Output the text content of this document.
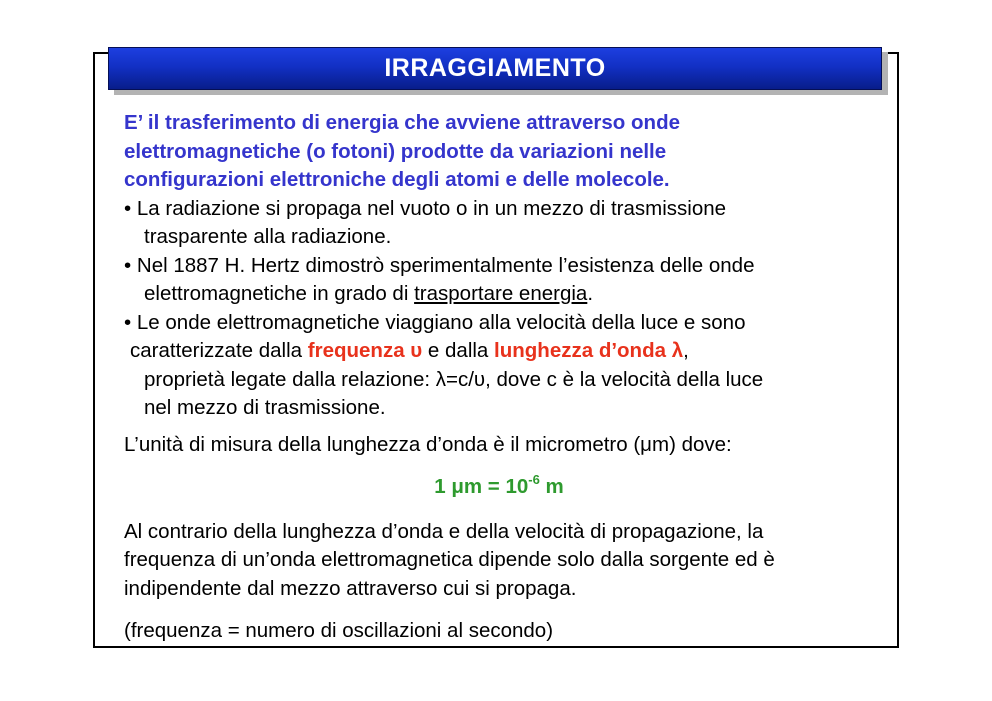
IRRAGGIAMENTO
E’ il trasferimento di energia che avviene attraverso onde
elettromagnetiche (o fotoni) prodotte da variazioni nelle
configurazioni elettroniche degli atomi e delle molecole.
• La radiazione si propaga nel vuoto o in un mezzo di trasmissione
trasparente alla radiazione.
• Nel 1887 H. Hertz dimostrò sperimentalmente l’esistenza delle onde
elettromagnetiche in grado di trasportare energia.
• Le onde elettromagnetiche viaggiano alla velocità della luce e sono
caratterizzate dalla frequenza υ e dalla lunghezza d’onda λ,
proprietà legate dalla relazione: λ=c/υ, dove c è la velocità della luce
nel mezzo di trasmissione.
L’unità di misura della lunghezza d’onda è il micrometro (μm) dove:
1 $\mu m = 10^{-6}$ m
Al contrario della lunghezza d’onda e della velocità di propagazione, la
frequenza di un’onda elettromagnetica dipende solo dalla sorgente ed è
indipendente dal mezzo attraverso cui si propaga.
(frequenza = numero di oscillazioni al secondo)
